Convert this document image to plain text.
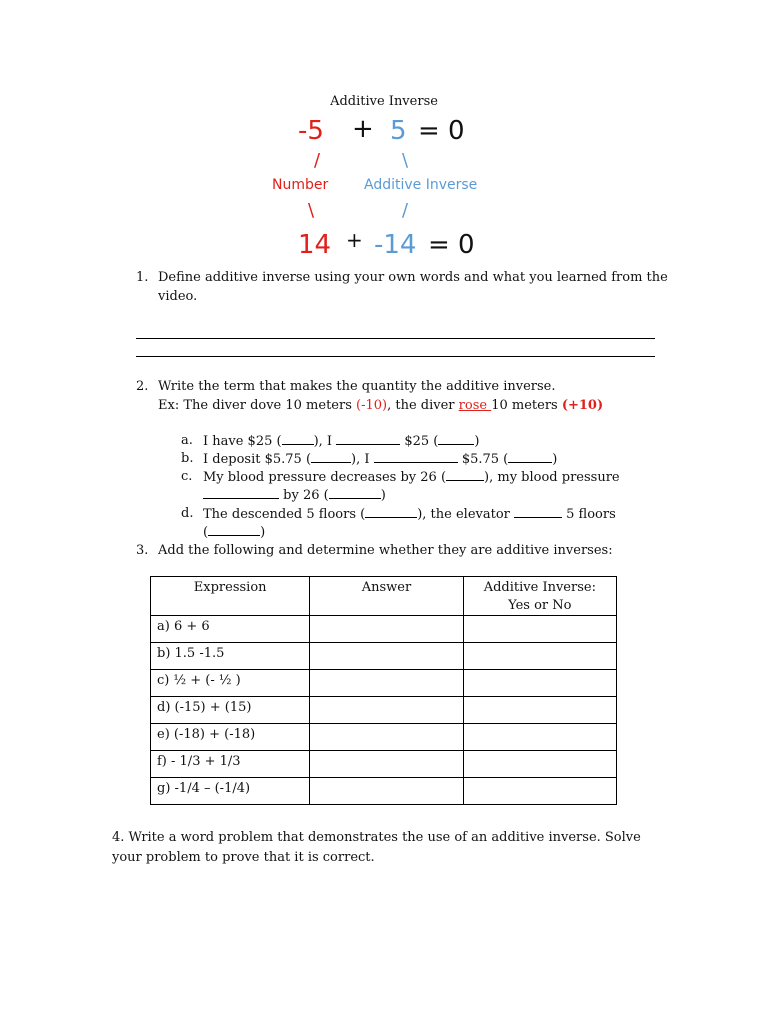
Additive Inverse
-5 + 5 = 0
/	\
Number	Additive Inverse
\	/
14 + -14 = 0
1. Define additive inverse using your own words and what you learned from the
video.
2. Write the term that makes the quantity the additive inverse.
Ex: The diver dove 10 meters (-10), the diver rose 10 meters (+10)
a. I have $25 ( ), I	$25 (	)
b. I deposit $5.75 (	), I	$5.75 (	)
c. My blood pressure decreases by 26 (	), my blood pressure
by 26 (	)
d. The descended 5 floors (	), the elevator	5 floors
(	)
3. Add the following and determine whether they are additive inverses:
Expression	Answer	Additive Inverse:
Yes or No
a) 6 + 6		
b) 1.5 -1.5		
c) ½ + (- ½ )		
d) (-15) + (15)		
e) (-18) + (-18)		
f) - 1/3 + 1/3		
g) -1/4 – (-1/4)		
4. Write a word problem that demonstrates the use of an additive inverse. Solve
your problem to prove that it is correct.
